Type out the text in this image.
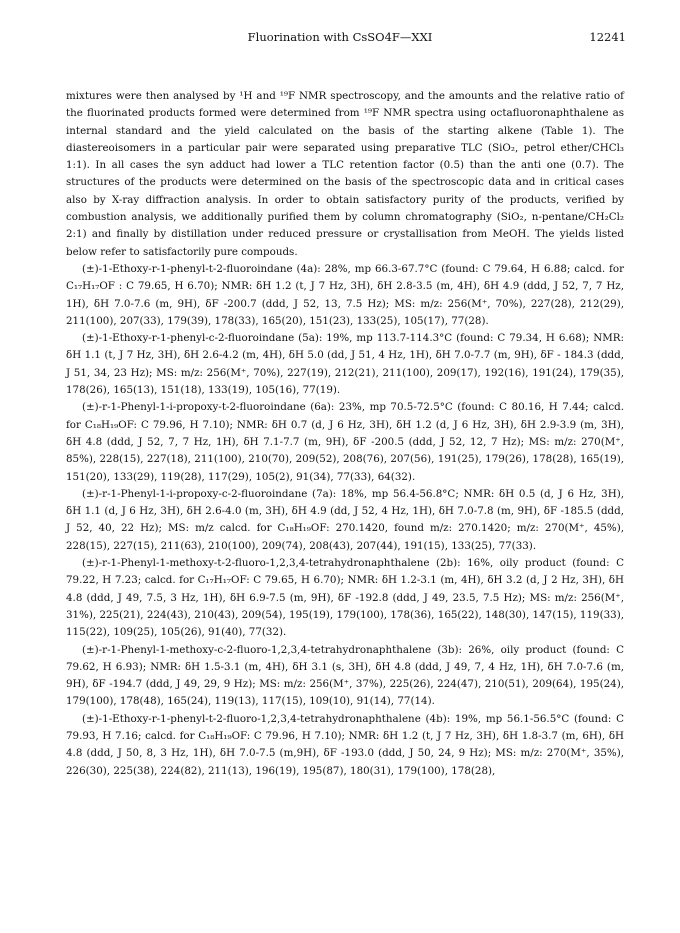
Fluorination with CsSO4F—XXI	12241

mixtures were then analysed by ¹H and ¹⁹F NMR spectroscopy, and the amounts and the relative ratio of the fluorinated products formed were determined from ¹⁹F NMR spectra using octafluoronaphthalene as internal standard and the yield calculated on the basis of the starting alkene (Table 1). The diastereoisomers in a particular pair were separated using preparative TLC (SiO₂, petrol ether/CHCl₃ 1:1). In all cases the syn adduct had lower a TLC retention factor (0.5) than the anti one (0.7). The structures of the products were determined on the basis of the spectroscopic data and in critical cases also by X-ray diffraction analysis. In order to obtain satisfactory purity of the products, verified by combustion analysis, we additionally purified them by column chromatography (SiO₂, n-pentane/CH₂Cl₂ 2:1) and finally by distillation under reduced pressure or crystallisation from MeOH. The yields listed below refer to satisfactorily pure compouds.

(±)-1-Ethoxy-r-1-phenyl-t-2-fluoroindane (4a): 28%, mp 66.3-67.7°C (found: C 79.64, H 6.88; calcd. for C₁₇H₁₇OF : C 79.65, H 6.70); NMR: δH 1.2 (t, J 7 Hz, 3H), δH 2.8-3.5 (m, 4H), δH 4.9 (ddd, J 52, 7, 7 Hz, 1H), δH 7.0-7.6 (m, 9H), δF -200.7 (ddd, J 52, 13, 7.5 Hz); MS: m/z: 256(M⁺, 70%), 227(28), 212(29), 211(100), 207(33), 179(39), 178(33), 165(20), 151(23), 133(25), 105(17), 77(28).

(±)-1-Ethoxy-r-1-phenyl-c-2-fluoroindane (5a): 19%, mp 113.7-114.3°C (found: C 79.34, H 6.68); NMR: δH 1.1 (t, J 7 Hz, 3H), δH 2.6-4.2 (m, 4H), δH 5.0 (dd, J 51, 4 Hz, 1H), δH 7.0-7.7 (m, 9H), δF - 184.3 (ddd, J 51, 34, 23 Hz); MS: m/z: 256(M⁺, 70%), 227(19), 212(21), 211(100), 209(17), 192(16), 191(24), 179(35), 178(26), 165(13), 151(18), 133(19), 105(16), 77(19).

(±)-r-1-Phenyl-1-i-propoxy-t-2-fluoroindane (6a): 23%, mp 70.5-72.5°C (found: C 80.16, H 7.44; calcd. for C₁₈H₁₉OF: C 79.96, H 7.10); NMR: δH 0.7 (d, J 6 Hz, 3H), δH 1.2 (d, J 6 Hz, 3H), δH 2.9-3.9 (m, 3H), δH 4.8 (ddd, J 52, 7, 7 Hz, 1H), δH 7.1-7.7 (m, 9H), δF -200.5 (ddd, J 52, 12, 7 Hz); MS: m/z: 270(M⁺, 85%), 228(15), 227(18), 211(100), 210(70), 209(52), 208(76), 207(56), 191(25), 179(26), 178(28), 165(19), 151(20), 133(29), 119(28), 117(29), 105(2), 91(34), 77(33), 64(32).

(±)-r-1-Phenyl-1-i-propoxy-c-2-fluoroindane (7a): 18%, mp 56.4-56.8°C; NMR: δH 0.5 (d, J 6 Hz, 3H), δH 1.1 (d, J 6 Hz, 3H), δH 2.6-4.0 (m, 3H), δH 4.9 (dd, J 52, 4 Hz, 1H), δH 7.0-7.8 (m, 9H), δF -185.5 (ddd, J 52, 40, 22 Hz); MS: m/z calcd. for C₁₈H₁₉OF: 270.1420, found m/z: 270.1420; m/z: 270(M⁺, 45%), 228(15), 227(15), 211(63), 210(100), 209(74), 208(43), 207(44), 191(15), 133(25), 77(33).

(±)-r-1-Phenyl-1-methoxy-t-2-fluoro-1,2,3,4-tetrahydronaphthalene (2b): 16%, oily product (found: C 79.22, H 7.23; calcd. for C₁₇H₁₇OF: C 79.65, H 6.70); NMR: δH 1.2-3.1 (m, 4H), δH 3.2 (d, J 2 Hz, 3H), δH 4.8 (ddd, J 49, 7.5, 3 Hz, 1H), δH 6.9-7.5 (m, 9H), δF -192.8 (ddd, J 49, 23.5, 7.5 Hz); MS: m/z: 256(M⁺, 31%), 225(21), 224(43), 210(43), 209(54), 195(19), 179(100), 178(36), 165(22), 148(30), 147(15), 119(33), 115(22), 109(25), 105(26), 91(40), 77(32).

(±)-r-1-Phenyl-1-methoxy-c-2-fluoro-1,2,3,4-tetrahydronaphthalene (3b): 26%, oily product (found: C 79.62, H 6.93); NMR: δH 1.5-3.1 (m, 4H), δH 3.1 (s, 3H), δH 4.8 (ddd, J 49, 7, 4 Hz, 1H), δH 7.0-7.6 (m, 9H), δF -194.7 (ddd, J 49, 29, 9 Hz); MS: m/z: 256(M⁺, 37%), 225(26), 224(47), 210(51), 209(64), 195(24), 179(100), 178(48), 165(24), 119(13), 117(15), 109(10), 91(14), 77(14).

(±)-1-Ethoxy-r-1-phenyl-t-2-fluoro-1,2,3,4-tetrahydronaphthalene (4b): 19%, mp 56.1-56.5°C (found: C 79.93, H 7.16; calcd. for C₁₈H₁₉OF: C 79.96, H 7.10); NMR: δH 1.2 (t, J 7 Hz, 3H), δH 1.8-3.7 (m, 6H), δH 4.8 (ddd, J 50, 8, 3 Hz, 1H), δH 7.0-7.5 (m,9H), δF -193.0 (ddd, J 50, 24, 9 Hz); MS: m/z: 270(M⁺, 35%), 226(30), 225(38), 224(82), 211(13), 196(19), 195(87), 180(31), 179(100), 178(28),
